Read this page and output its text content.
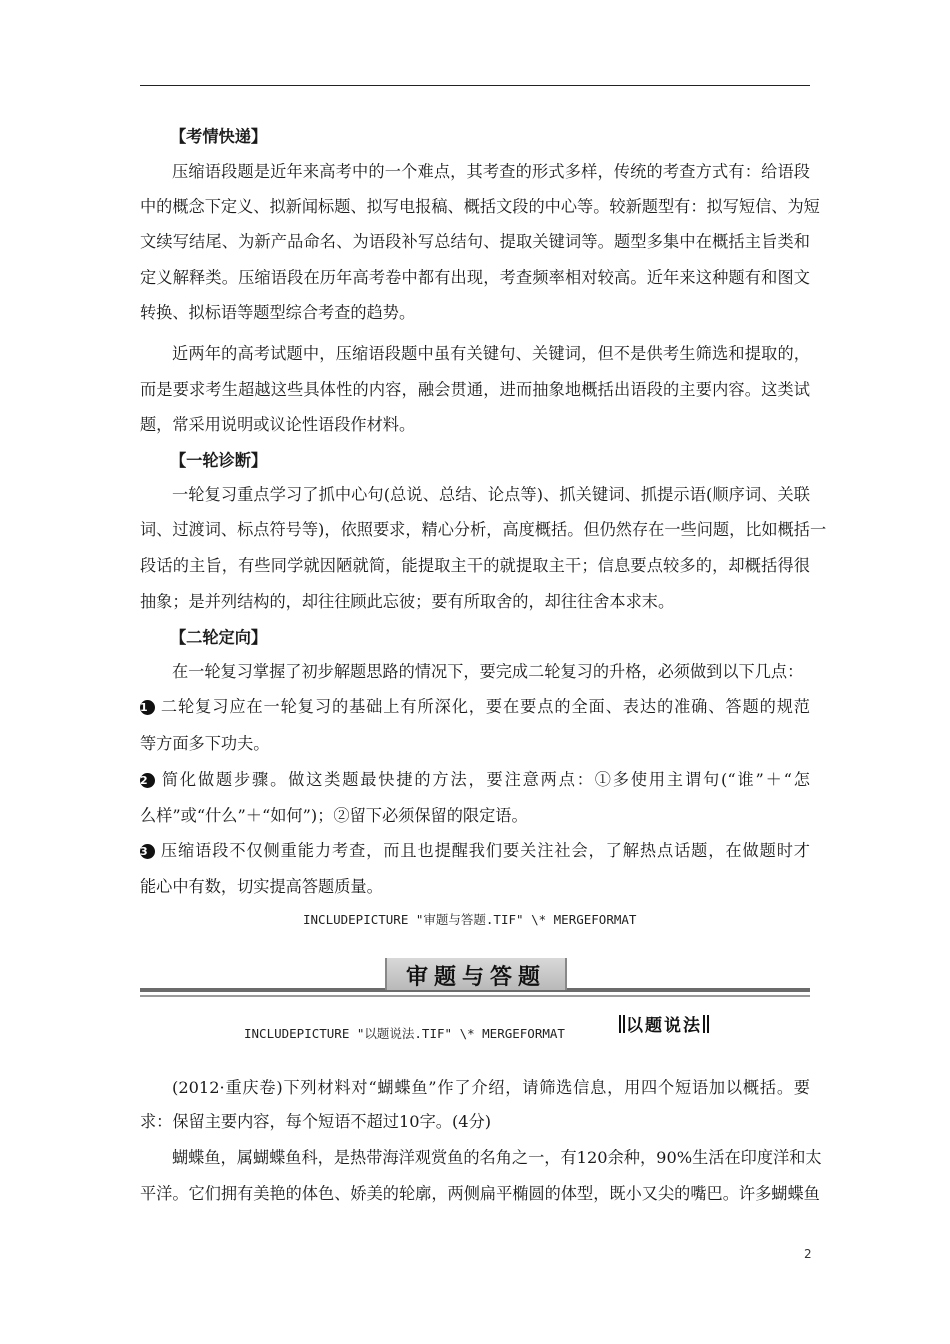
【考情快递】
压缩语段题是近年来高考中的一个难点，其考查的形式多样，传统的考查方式有：给语段
中的概念下定义、拟新闻标题、拟写电报稿、概括文段的中心等。较新题型有：拟写短信、为短
文续写结尾、为新产品命名、为语段补写总结句、提取关键词等。题型多集中在概括主旨类和
定义解释类。压缩语段在历年高考卷中都有出现，考查频率相对较高。近年来这种题有和图文
转换、拟标语等题型综合考查的趋势。
近两年的高考试题中，压缩语段题中虽有关键句、关键词，但不是供考生筛选和提取的，
而是要求考生超越这些具体性的内容，融会贯通，进而抽象地概括出语段的主要内容。这类试
题，常采用说明或议论性语段作材料。
【一轮诊断】
一轮复习重点学习了抓中心句(总说、总结、论点等)、抓关键词、抓提示语(顺序词、关联
词、过渡词、标点符号等)，依照要求，精心分析，高度概括。但仍然存在一些问题，比如概括一
段话的主旨，有些同学就因陋就简，能提取主干的就提取主干；信息要点较多的，却概括得很
抽象；是并列结构的，却往往顾此忘彼；要有所取舍的，却往往舍本求末。
【二轮定向】
在一轮复习掌握了初步解题思路的情况下，要完成二轮复习的升格，必须做到以下几点：
1 二轮复习应在一轮复习的基础上有所深化，要在要点的全面、表达的准确、答题的规范
等方面多下功夫。
2 简化做题步骤。做这类题最快捷的方法，要注意两点：①多使用主谓句(“谁”＋“怎
么样”或“什么”＋“如何”)；②留下必须保留的限定语。
3 压缩语段不仅侧重能力考查，而且也提醒我们要关注社会，了解热点话题，在做题时才
能心中有数，切实提高答题质量。
INCLUDEPICTURE "审题与答题.TIF" \* MERGEFORMAT
审题与答题
INCLUDEPICTURE "以题说法.TIF" \* MERGEFORMAT	以题说法
(2012·重庆卷)下列材料对“蝴蝶鱼”作了介绍，请筛选信息，用四个短语加以概括。要
求：保留主要内容，每个短语不超过10字。(4分)
蝴蝶鱼，属蝴蝶鱼科，是热带海洋观赏鱼的名角之一，有120余种，90%生活在印度洋和太
平洋。它们拥有美艳的体色、娇美的轮廓，两侧扁平椭圆的体型，既小又尖的嘴巴。许多蝴蝶鱼
2
